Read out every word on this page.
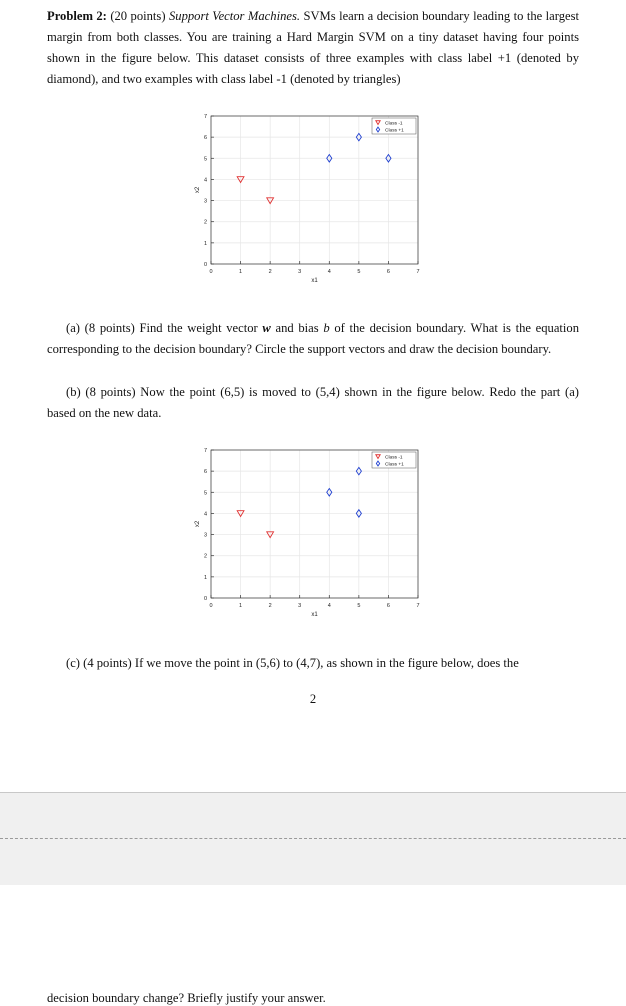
Problem 2: (20 points) Support Vector Machines. SVMs learn a decision boundary leading to the largest margin from both classes. You are training a Hard Margin SVM on a tiny dataset having four points shown in the figure below. This dataset consists of three examples with class label +1 (denoted by diamond), and two examples with class label -1 (denoted by triangles)

0	1	2	3	4	5	6	7
0
1
2
3
4
5
6
7
x1
x2
Class -1
Class +1

(a) (8 points) Find the weight vector w and bias b of the decision boundary. What is the equation corresponding to the decision boundary? Circle the support vectors and draw the decision boundary.

(b) (8 points) Now the point (6,5) is moved to (5,4) shown in the figure below. Redo the part (a) based on the new data.

0	1	2	3	4	5	6	7
0
1
2
3
4
5
6
7
x1
x2
Class -1
Class +1

(c) (4 points) If we move the point in (5,6) to (4,7), as shown in the figure below, does the

2
decision boundary change? Briefly justify your answer.
